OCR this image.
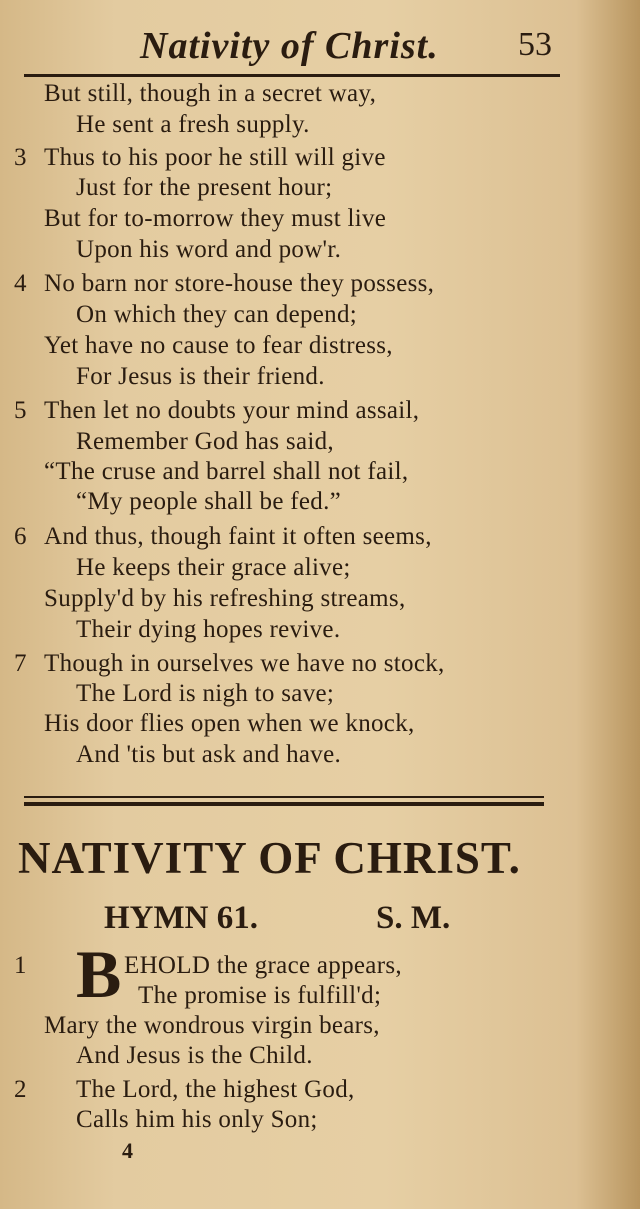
Nativity of Christ. 53
But still, though in a secret way,
He sent a fresh supply.
3 Thus to his poor he still will give
Just for the present hour;
But for to-morrow they must live
Upon his word and pow'r.
4 No barn nor store-house they possess,
On which they can depend;
Yet have no cause to fear distress,
For Jesus is their friend.
5 Then let no doubts your mind assail,
Remember God has said,
“The cruse and barrel shall not fail,
“My people shall be fed.”
6 And thus, though faint it often seems,
He keeps their grace alive;
Supply'd by his refreshing streams,
Their dying hopes revive.
7 Though in ourselves we have no stock,
The Lord is nigh to save;
His door flies open when we knock,
And 'tis but ask and have.
NATIVITY OF CHRIST.
HYMN 61.	S. M.
1 B EHOLD the grace appears,
The promise is fulfill'd;
Mary the wondrous virgin bears,
And Jesus is the Child.
2 The Lord, the highest God,
Calls him his only Son;
4
